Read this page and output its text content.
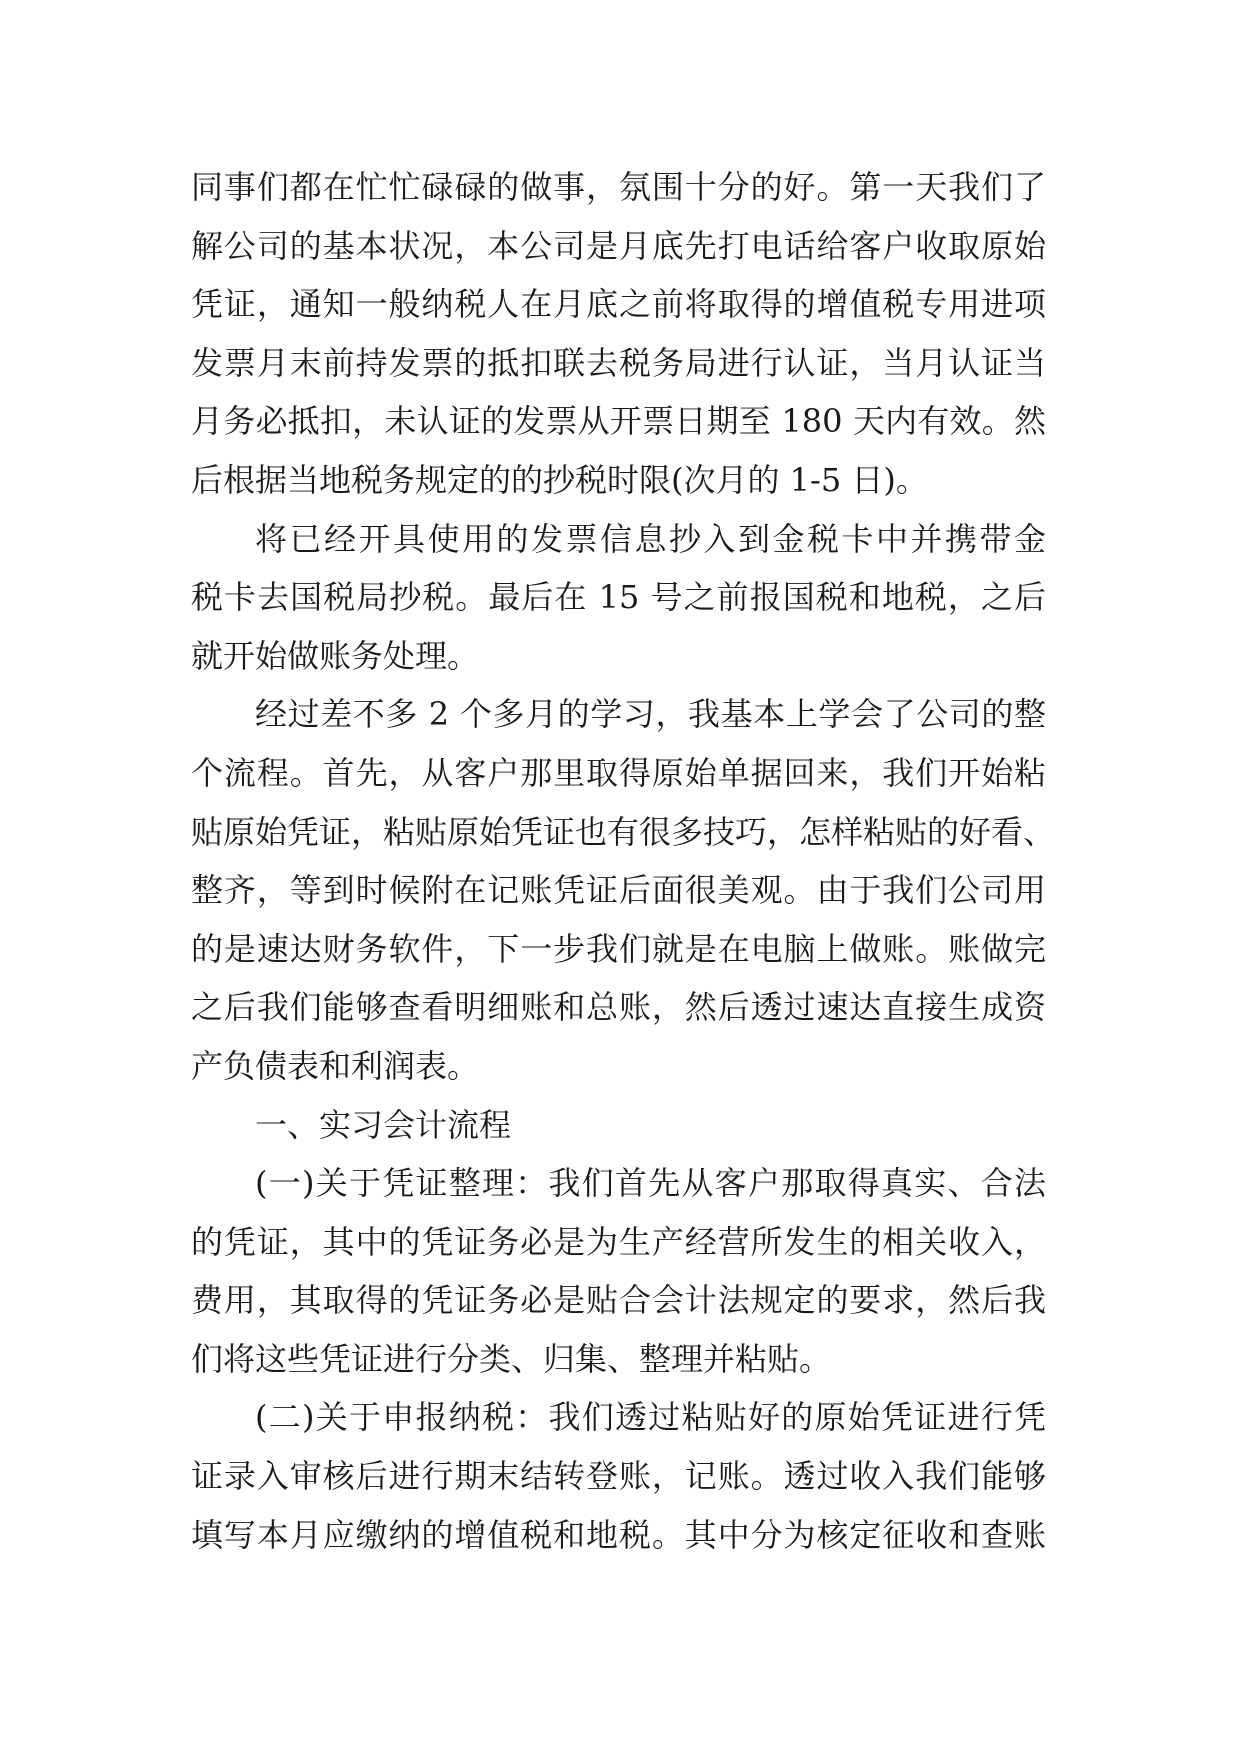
同事们都在忙忙碌碌的做事，氛围十分的好。第一天我们了
解公司的基本状况，本公司是月底先打电话给客户收取原始
凭证，通知一般纳税人在月底之前将取得的增值税专用进项
发票月末前持发票的抵扣联去税务局进行认证，当月认证当
月务必抵扣，未认证的发票从开票日期至 180 天内有效。然
后根据当地税务规定的的抄税时限(次月的 1-5 日)。
将已经开具使用的发票信息抄入到金税卡中并携带金
税卡去国税局抄税。最后在 15 号之前报国税和地税，之后
就开始做账务处理。
经过差不多 2 个多月的学习，我基本上学会了公司的整
个流程。首先，从客户那里取得原始单据回来，我们开始粘
贴原始凭证，粘贴原始凭证也有很多技巧，怎样粘贴的好看、
整齐，等到时候附在记账凭证后面很美观。由于我们公司用
的是速达财务软件，下一步我们就是在电脑上做账。账做完
之后我们能够查看明细账和总账，然后透过速达直接生成资
产负债表和利润表。
一、实习会计流程
(一)关于凭证整理：我们首先从客户那取得真实、合法
的凭证，其中的凭证务必是为生产经营所发生的相关收入，
费用，其取得的凭证务必是贴合会计法规定的要求，然后我
们将这些凭证进行分类、归集、整理并粘贴。
(二)关于申报纳税：我们透过粘贴好的原始凭证进行凭
证录入审核后进行期末结转登账，记账。透过收入我们能够
填写本月应缴纳的增值税和地税。其中分为核定征收和查账
